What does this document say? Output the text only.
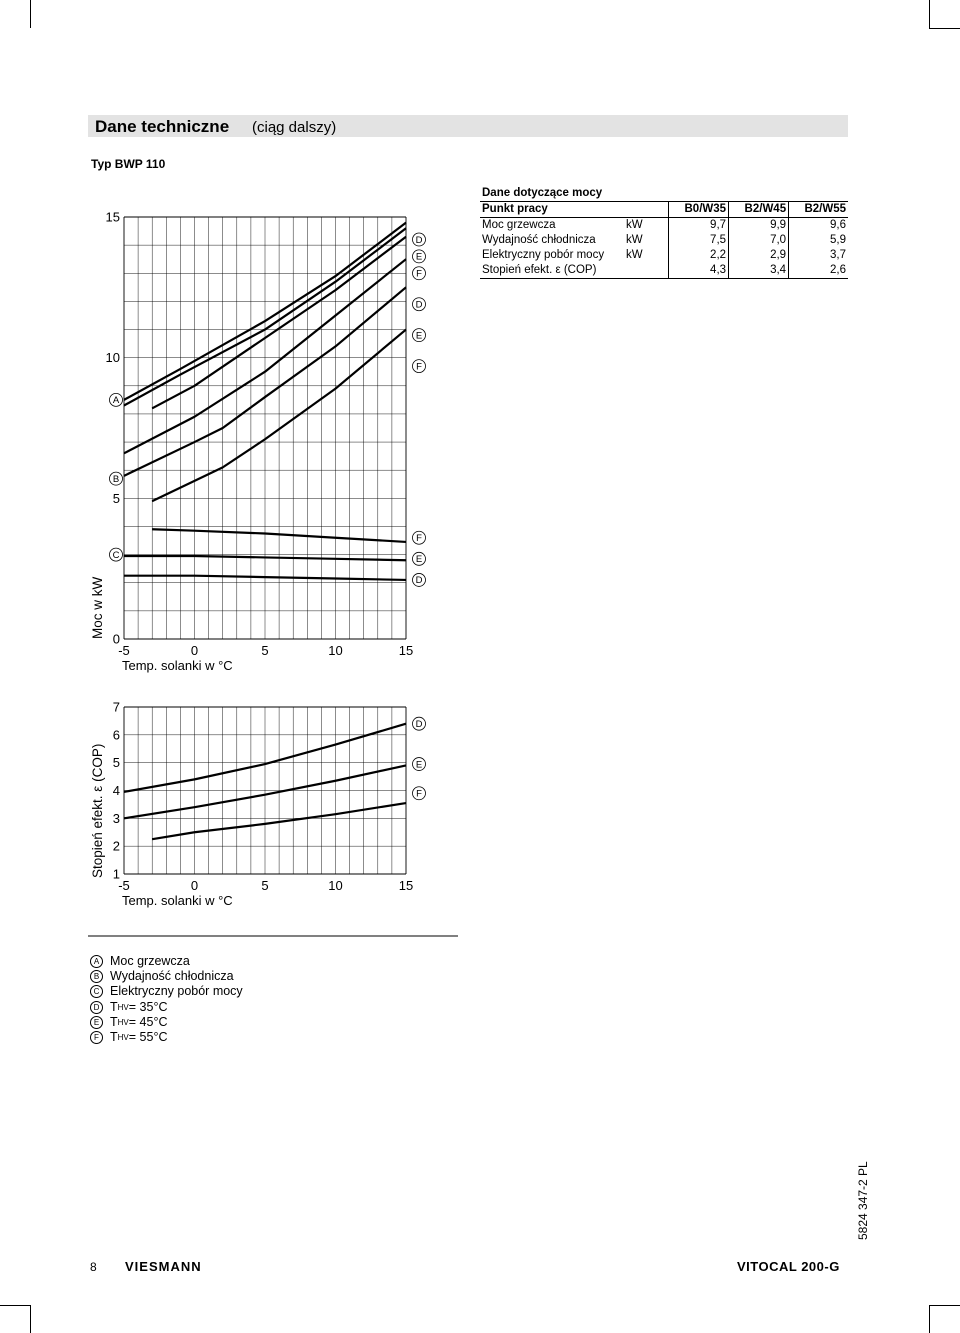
Dane techniczne (ciąg dalszy)
Typ BWP 110
Dane dotyczące mocy				
Punkt pracy		B0/W35	B2/W45	B2/W55
Moc grzewcza	kW	9,7	9,9	9,6
Wydajność chłodnicza	kW	7,5	7,0	5,9
Elektryczny pobór mocy	kW	2,2	2,9	3,7
Stopień efekt. ε (COP)		4,3	3,4	2,6
0
5
10
15
-5	0	5	10	15
Temp. solanki w °C
Moc w kW
D
E
F
D
E
F
F
E
D
A
B
C
1
2
3
4
5
6
7
-5	0	5	10	15
Temp. solanki w °C
Stopień efekt. ε (COP)
D
E
F
A Moc grzewcza
B Wydajność chłodnicza
C Elektryczny pobór mocy
D T HV = 35°C
E T HV = 45°C
F T HV = 55°C
8 VIESMANN	VITOCAL 200-G
5824 347-2 PL
